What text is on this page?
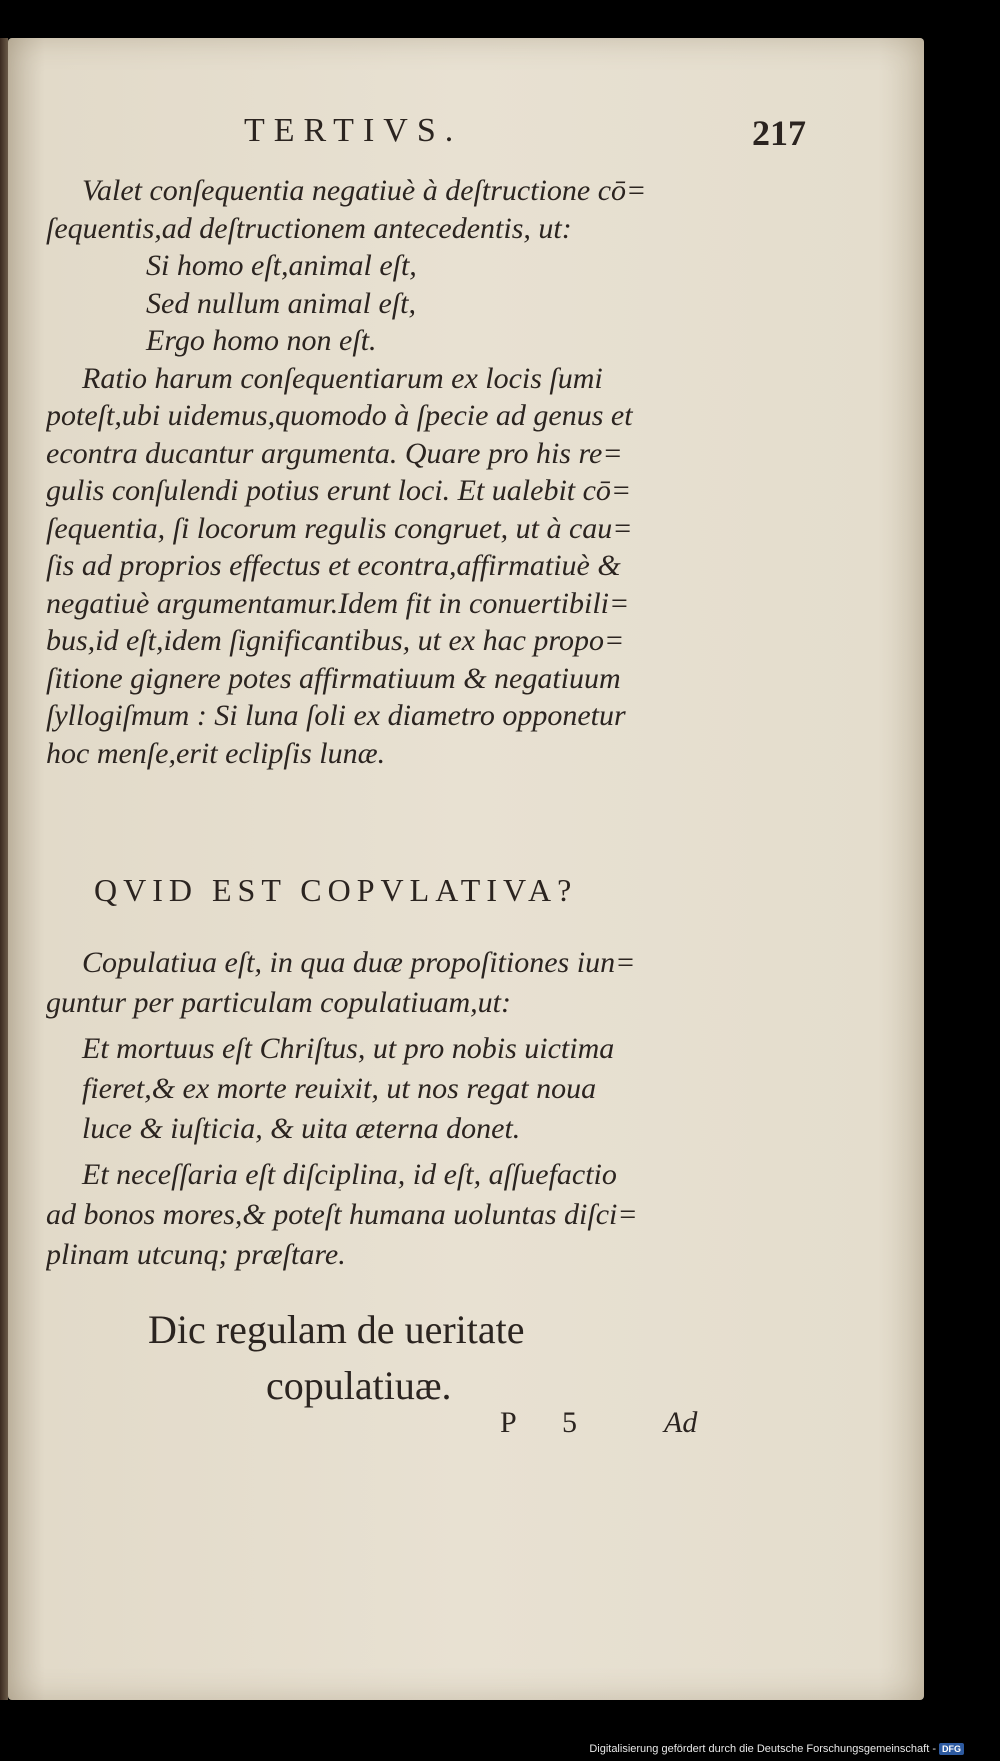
TERTIVS.	217
Valet conſequentia negatiuè à deſtructione cō=
ſequentis,ad deſtructionem antecedentis, ut:
Si homo eſt,animal eſt,
Sed nullum animal eſt,
Ergo homo non eſt.
Ratio harum conſequentiarum ex locis ſumi
poteſt,ubi uidemus,quomodo à ſpecie ad genus et
econtra ducantur argumenta. Quare pro his re=
gulis conſulendi potius erunt loci. Et ualebit cō=
ſequentia, ſi locorum regulis congruet, ut à cau=
ſis ad proprios effectus et econtra,affirmatiuè &
negatiuè argumentamur.Idem fit in conuertibili=
bus,id eſt,idem ſignificantibus, ut ex hac propo=
ſitione gignere potes affirmatiuum & negatiuum
ſyllogiſmum : Si luna ſoli ex diametro opponetur
hoc menſe,erit eclipſis lunæ.
QVID EST COPVLATIVA?
Copulatiua eſt, in qua duæ propoſitiones iun=
guntur per particulam copulatiuam,ut:
Et mortuus eſt Chriſtus, ut pro nobis uictima
fieret,& ex morte reuixit, ut nos regat noua
luce & iuſticia, & uita æterna donet.
Et neceſſaria eſt diſciplina, id eſt, aſſuefactio
ad bonos mores,& poteſt humana uoluntas diſci=
plinam utcunq; præſtare.
Dic regulam de ueritate
copulatiuæ.
P 5	Ad
Digitalisierung gefördert durch die Deutsche Forschungsgemeinschaft - DFG
